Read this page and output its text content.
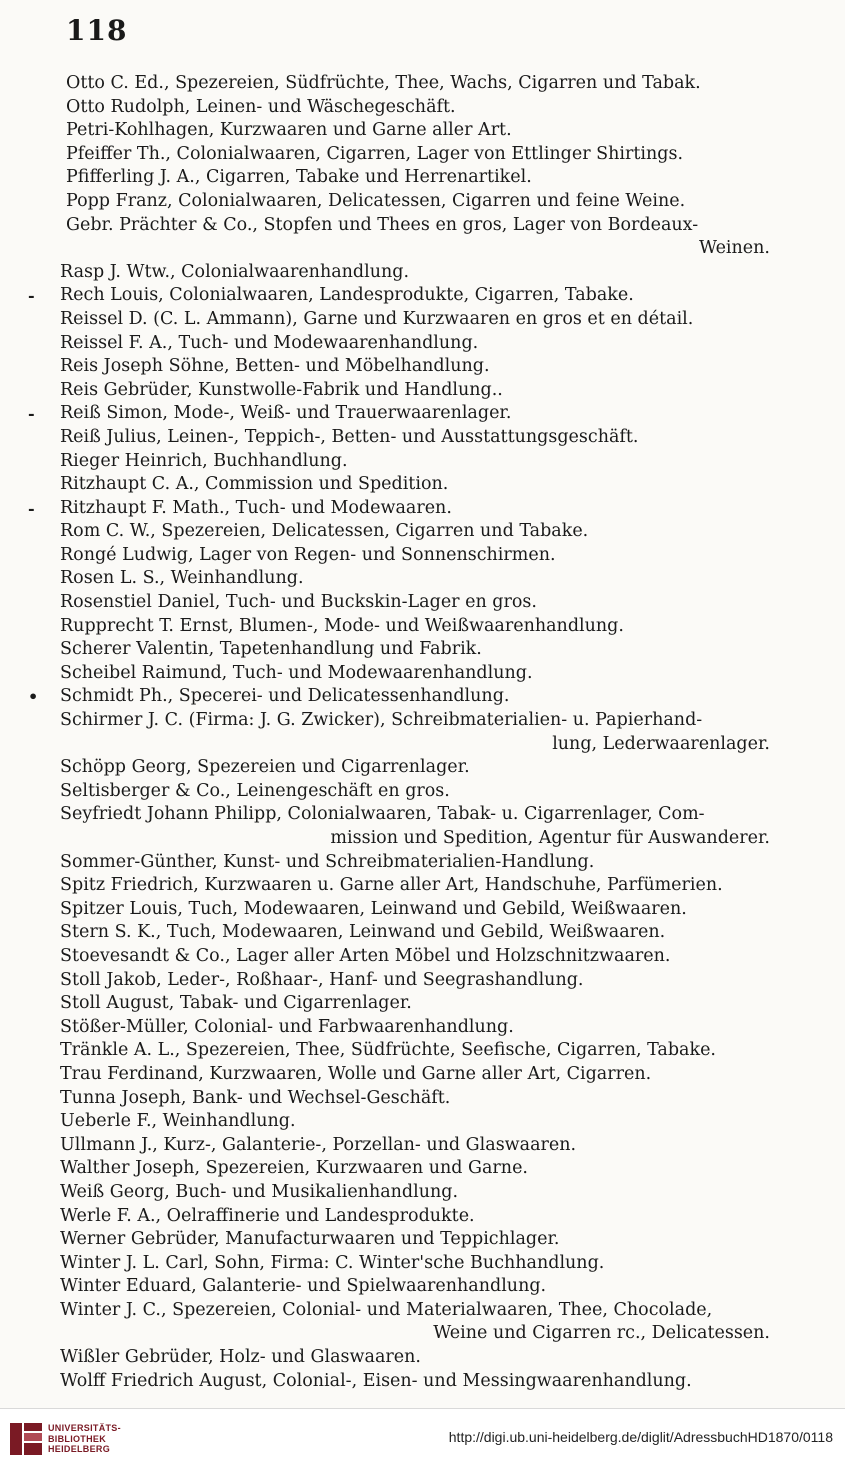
118
Otto C. Ed., Spezereien, Südfrüchte, Thee, Wachs, Cigarren und Tabak.
Otto Rudolph, Leinen- und Wäschegeschäft.
Petri-Kohlhagen, Kurzwaaren und Garne aller Art.
Pfeiffer Th., Colonialwaaren, Cigarren, Lager von Ettlinger Shirtings.
Pfifferling J. A., Cigarren, Tabake und Herrenartikel.
Popp Franz, Colonialwaaren, Delicatessen, Cigarren und feine Weine.
Gebr. Prächter & Co., Stopfen und Thees en gros, Lager von Bordeaux-
Weinen.
Rasp J. Wtw., Colonialwaarenhandlung.
- Rech Louis, Colonialwaaren, Landesprodukte, Cigarren, Tabake.
Reissel D. (C. L. Ammann), Garne und Kurzwaaren en gros et en détail.
Reissel F. A., Tuch- und Modewaarenhandlung.
Reis Joseph Söhne, Betten- und Möbelhandlung.
Reis Gebrüder, Kunstwolle-Fabrik und Handlung..
- Reiß Simon, Mode-, Weiß- und Trauerwaarenlager.
Reiß Julius, Leinen-, Teppich-, Betten- und Ausstattungsgeschäft.
Rieger Heinrich, Buchhandlung.
Ritzhaupt C. A., Commission und Spedition.
- Ritzhaupt F. Math., Tuch- und Modewaaren.
Rom C. W., Spezereien, Delicatessen, Cigarren und Tabake.
Rongé Ludwig, Lager von Regen- und Sonnenschirmen.
Rosen L. S., Weinhandlung.
Rosenstiel Daniel, Tuch- und Buckskin-Lager en gros.
Rupprecht T. Ernst, Blumen-, Mode- und Weißwaarenhandlung.
Scherer Valentin, Tapetenhandlung und Fabrik.
Scheibel Raimund, Tuch- und Modewaarenhandlung.
• Schmidt Ph., Specerei- und Delicatessenhandlung.
Schirmer J. C. (Firma: J. G. Zwicker), Schreibmaterialien- u. Papierhand-
lung, Lederwaarenlager.
Schöpp Georg, Spezereien und Cigarrenlager.
Seltisberger & Co., Leinengeschäft en gros.
Seyfriedt Johann Philipp, Colonialwaaren, Tabak- u. Cigarrenlager, Com-
mission und Spedition, Agentur für Auswanderer.
Sommer-Günther, Kunst- und Schreibmaterialien-Handlung.
Spitz Friedrich, Kurzwaaren u. Garne aller Art, Handschuhe, Parfümerien.
Spitzer Louis, Tuch, Modewaaren, Leinwand und Gebild, Weißwaaren.
Stern S. K., Tuch, Modewaaren, Leinwand und Gebild, Weißwaaren.
Stoevesandt & Co., Lager aller Arten Möbel und Holzschnitzwaaren.
Stoll Jakob, Leder-, Roßhaar-, Hanf- und Seegrashandlung.
Stoll August, Tabak- und Cigarrenlager.
Stößer-Müller, Colonial- und Farbwaarenhandlung.
Tränkle A. L., Spezereien, Thee, Südfrüchte, Seefische, Cigarren, Tabake.
Trau Ferdinand, Kurzwaaren, Wolle und Garne aller Art, Cigarren.
Tunna Joseph, Bank- und Wechsel-Geschäft.
Ueberle F., Weinhandlung.
Ullmann J., Kurz-, Galanterie-, Porzellan- und Glaswaaren.
Walther Joseph, Spezereien, Kurzwaaren und Garne.
Weiß Georg, Buch- und Musikalienhandlung.
Werle F. A., Oelraffinerie und Landesprodukte.
Werner Gebrüder, Manufacturwaaren und Teppichlager.
Winter J. L. Carl, Sohn, Firma: C. Winter'sche Buchhandlung.
Winter Eduard, Galanterie- und Spielwaarenhandlung.
Winter J. C., Spezereien, Colonial- und Materialwaaren, Thee, Chocolade,
Weine und Cigarren rc., Delicatessen.
Wißler Gebrüder, Holz- und Glaswaaren.
Wolff Friedrich August, Colonial-, Eisen- und Messingwaarenhandlung.
UNIVERSITÄTS-
BIBLIOTHEK
HEIDELBERG
http://digi.ub.uni-heidelberg.de/diglit/AdressbuchHD1870/0118
